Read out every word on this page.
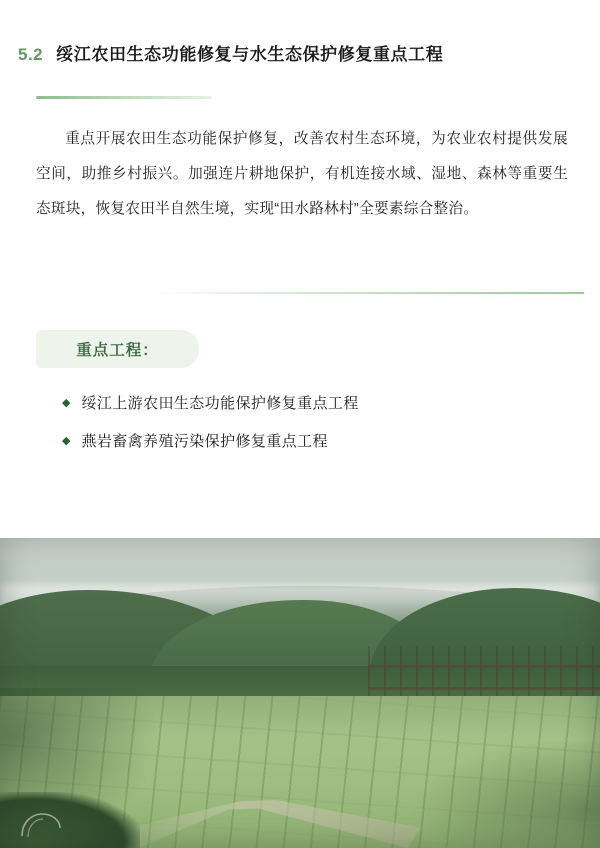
5.2 绥江农田生态功能修复与水生态保护修复重点工程
重点开展农田生态功能保护修复，改善农村生态环境，为农业农村提供发展空间，助推乡村振兴。加强连片耕地保护，有机连接水域、湿地、森林等重要生态斑块，恢复农田半自然生境，实现“田水路林村”全要素综合整治。
重点工程：
◆ 绥江上游农田生态功能保护修复重点工程
◆ 燕岩畜禽养殖污染保护修复重点工程
